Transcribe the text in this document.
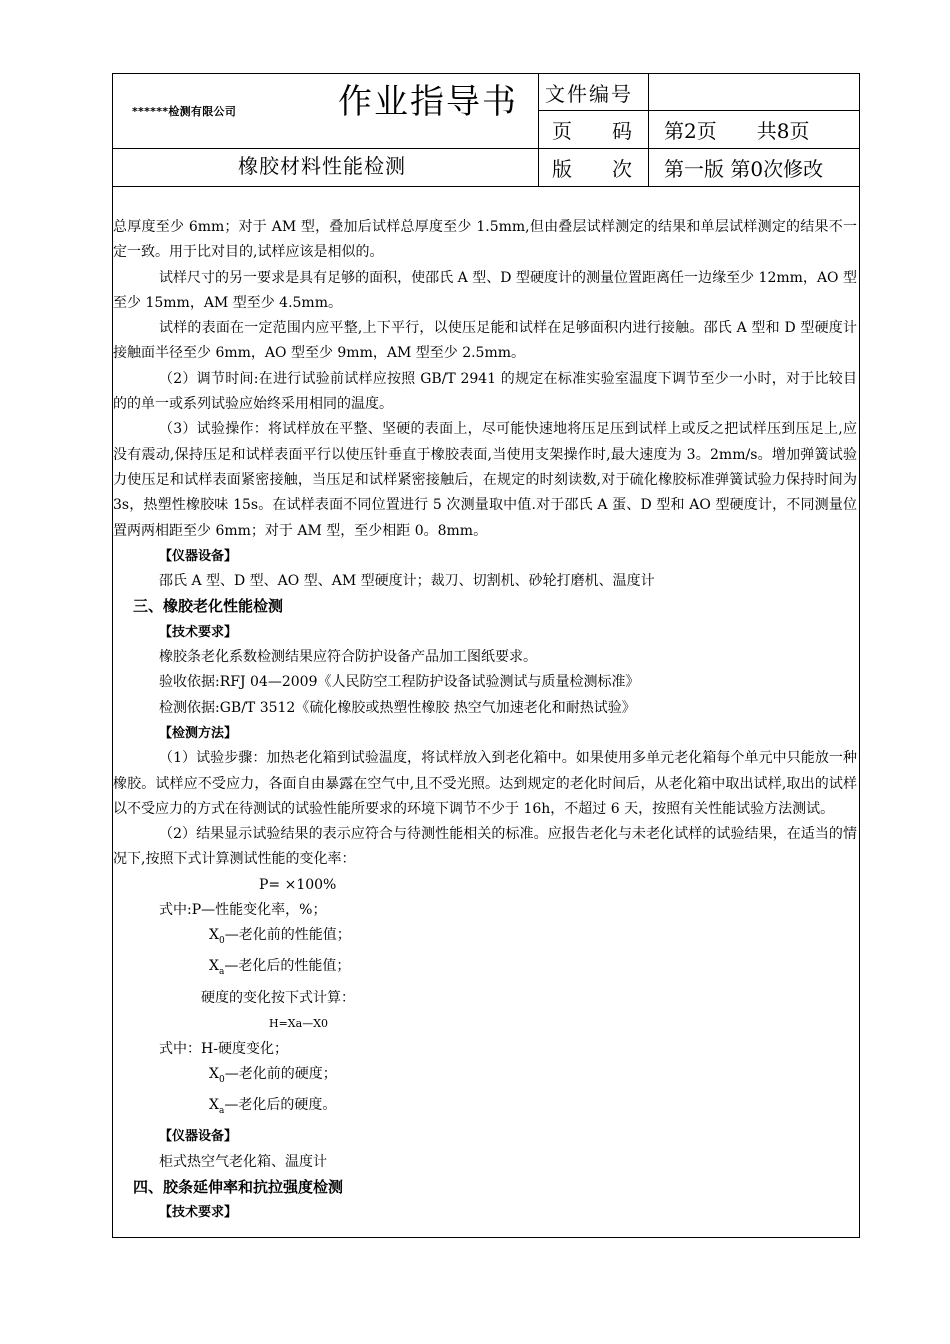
******检测有限公司	作业指导书 文件编号
页　　码 第2页　　共8页
橡胶材料性能检测	版　　次 第一版 第0次修改

总厚度至少 6mm；对于 AM 型，叠加后试样总厚度至少 1.5mm,但由叠层试样测定的结果和单层试样测定的结果不一定一致。用于比对目的,试样应该是相似的。

试样尺寸的另一要求是具有足够的面积，使邵氏 A 型、D 型硬度计的测量位置距离任一边缘至少 12mm，AO 型至少 15mm，AM 型至少 4.5mm。

试样的表面在一定范围内应平整,上下平行，以使压足能和试样在足够面积内进行接触。邵氏 A 型和 D 型硬度计接触面半径至少 6mm，AO 型至少 9mm，AM 型至少 2.5mm。

（2）调节时间:在进行试验前试样应按照 GB/T 2941 的规定在标准实验室温度下调节至少一小时，对于比较目的的单一或系列试验应始终采用相同的温度。

（3）试验操作：将试样放在平整、坚硬的表面上，尽可能快速地将压足压到试样上或反之把试样压到压足上,应没有震动,保持压足和试样表面平行以使压针垂直于橡胶表面,当使用支架操作时,最大速度为 3。2mm/s。增加弹簧试验力使压足和试样表面紧密接触，当压足和试样紧密接触后，在规定的时刻读数,对于硫化橡胶标准弹簧试验力保持时间为 3s，热塑性橡胶味 15s。在试样表面不同位置进行 5 次测量取中值.对于邵氏 A 蛋、D 型和 AO 型硬度计，不同测量位置两两相距至少 6mm；对于 AM 型，至少相距 0。8mm。

【仪器设备】

邵氏 A 型、D 型、AO 型、AM 型硬度计；裁刀、切割机、砂轮打磨机、温度计

三、橡胶老化性能检测

【技术要求】

橡胶条老化系数检测结果应符合防护设备产品加工图纸要求。

验收依据:RFJ 04—2009《人民防空工程防护设备试验测试与质量检测标准》

检测依据:GB/T 3512《硫化橡胶或热塑性橡胶 热空气加速老化和耐热试验》

【检测方法】

（1）试验步骤：加热老化箱到试验温度，将试样放入到老化箱中。如果使用多单元老化箱每个单元中只能放一种橡胶。试样应不受应力，各面自由暴露在空气中,且不受光照。达到规定的老化时间后，从老化箱中取出试样,取出的试样以不受应力的方式在待测试的试验性能所要求的环境下调节不少于 16h，不超过 6 天，按照有关性能试验方法测试。

（2）结果显示试验结果的表示应符合与待测性能相关的标准。应报告老化与未老化试样的试验结果，在适当的情况下,按照下式计算测试性能的变化率：

P= ×100%

式中:P—性能变化率，%；

$X_0—$老化前的性能值；

$X_a—$老化后的性能值；

硬度的变化按下式计算：

H=Xa—X0

式中：H-硬度变化；

$X_0—$老化前的硬度；

$X_a—$老化后的硬度。

【仪器设备】

柜式热空气老化箱、温度计

四、胶条延伸率和抗拉强度检测

【技术要求】
